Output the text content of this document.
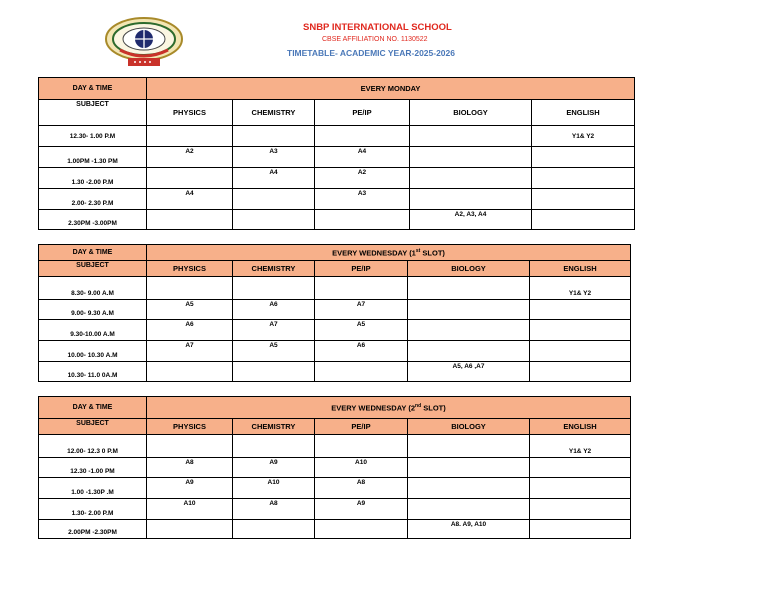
SNBP INTERNATIONAL SCHOOL
CBSE AFFILIATION NO. 1130522
TIMETABLE- ACADEMIC YEAR-2025-2026
DAY & TIME	EVERY MONDAY				
SUBJECT	PHYSICS	CHEMISTRY	PE/IP	BIOLOGY	ENGLISH
12.30- 1.00 P.M					Y1& Y2
1.00PM -1.30 PM	A2	A3	A4		
1.30 -2.00 P.M		A4	A2		
2.00- 2.30 P.M	A4		A3		
2.30PM -3.00PM				A2, A3, A4	
DAY & TIME	EVERY WEDNESDAY (1st SLOT)				
SUBJECT	PHYSICS	CHEMISTRY	PE/IP	BIOLOGY	ENGLISH
8.30- 9.00 A.M					Y1& Y2
9.00- 9.30 A.M	A5	A6	A7		
9.30-10.00 A.M	A6	A7	A5		
10.00- 10.30 A.M	A7	A5	A6		
10.30- 11.0 0A.M				A5, A6 ,A7	
DAY & TIME	EVERY WEDNESDAY (2nd SLOT)				
SUBJECT	PHYSICS	CHEMISTRY	PE/IP	BIOLOGY	ENGLISH
12.00- 12.3 0 P.M					Y1& Y2
12.30 -1.00 PM	A8	A9	A10		
1.00 -1.30P .M	A9	A10	A8		
1.30- 2.00 P.M	A10	A8	A9		
2.00PM -2.30PM				A8. A9, A10	
